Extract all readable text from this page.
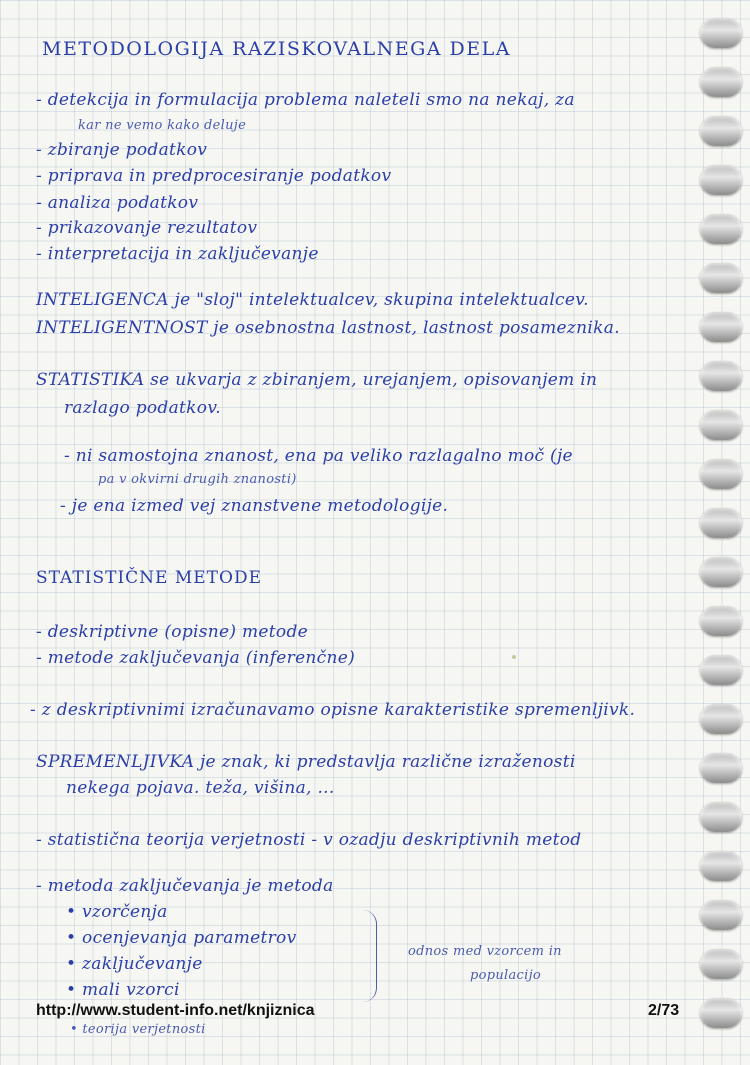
METODOLOGIJA RAZISKOVALNEGA DELA
- detekcija in formulacija problema naleteli smo na nekaj, za
kar ne vemo kako deluje
- zbiranje podatkov
- priprava in predprocesiranje podatkov
- analiza podatkov
- prikazovanje rezultatov
- interpretacija in zaključevanje
INTELIGENCA je "sloj" intelektualcev, skupina intelektualcev.
INTELIGENTNOST je osebnostna lastnost, lastnost posameznika.
STATISTIKA se ukvarja z zbiranjem, urejanjem, opisovanjem in
razlago podatkov.
- ni samostojna znanost, ena pa veliko razlagalno moč (je
pa v okvirni drugih znanosti)
- je ena izmed vej znanstvene metodologije.
STATISTIČNE METODE
- deskriptivne (opisne) metode
- metode zaključevanja (inferenčne)
- z deskriptivnimi izračunavamo opisne karakteristike spremenljivk.
SPREMENLJIVKA je znak, ki predstavlja različne izraženosti
nekega pojava. teža, višina, ...
- statistična teorija verjetnosti - v ozadju deskriptivnih metod
- metoda zaključevanja je metoda
• vzorčenja
• ocenjevanja parametrov
• zaključevanje
• mali vzorci
• teorija verjetnosti
odnos med vzorcem in
populacijo
http://www.student-info.net/knjiznica	2/73
